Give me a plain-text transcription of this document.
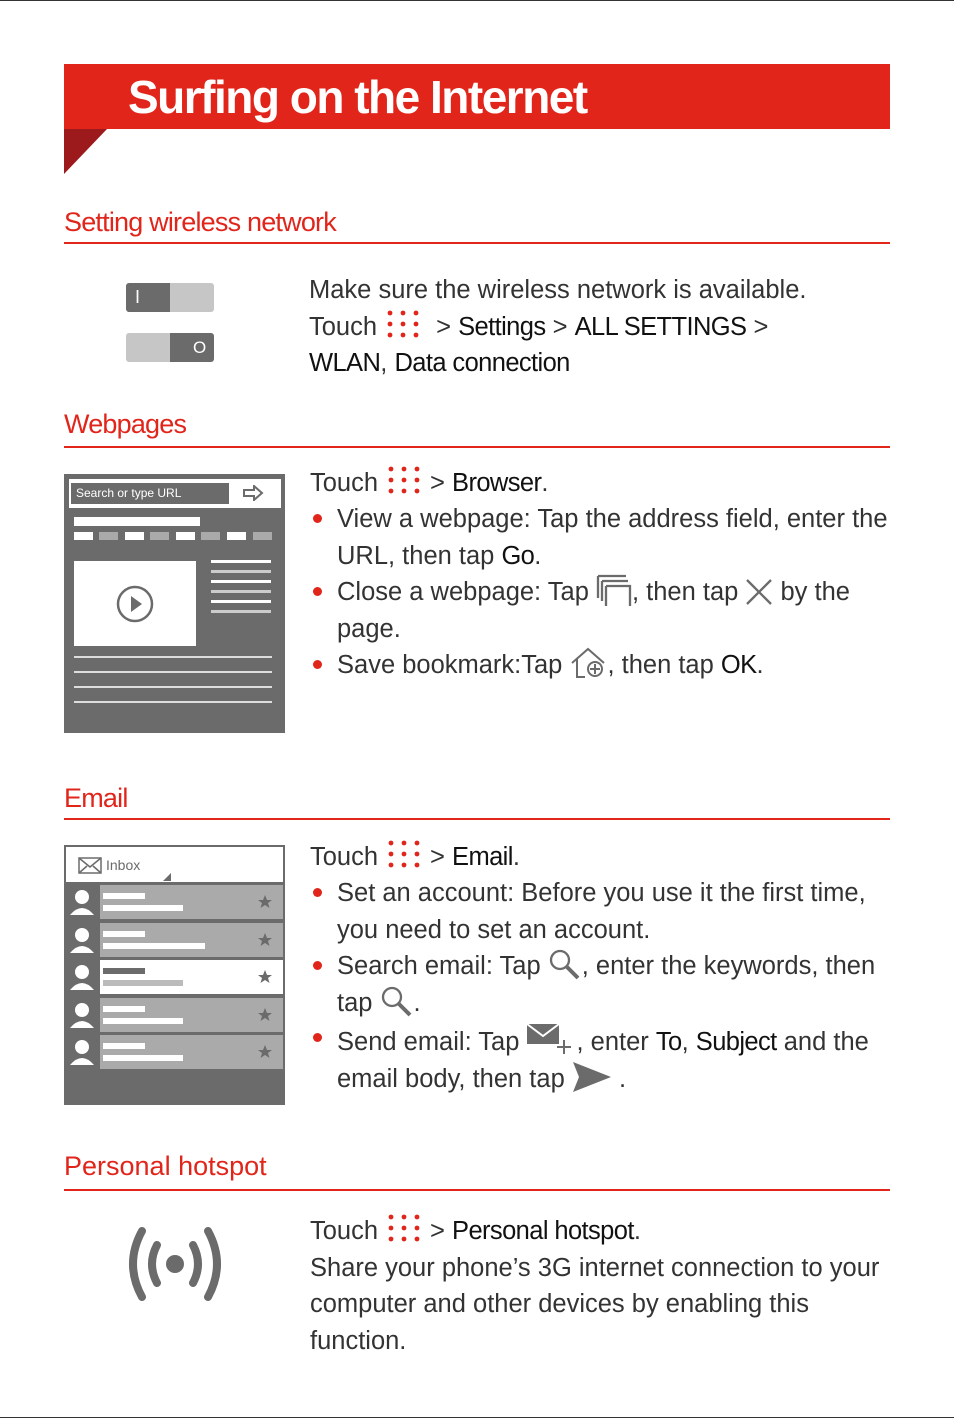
Surfing on the Internet
Setting wireless network
I
O
Make sure the wireless network is available.
Touch > Settings > ALL SETTINGS >
WLAN, Data connection
Webpages
Search or type URL	Touch > Browser.
View a webpage: Tap the address field, enter the
URL, then tap Go.
Close a webpage: Tap , then tap  by the
page.
Save bookmark:Tap , then tap OK.
Email
Inbox	Touch > Email.
Set an account: Before you use it the first time,
you need to set an account.
Search email: Tap , enter the keywords, then
tap .
Send email: Tap , enter To, Subject and the
email body, then tap  .
Personal hotspot
Touch > Personal hotspot.
Share your phone’s 3G internet connection to your
computer and other devices by enabling this
function.
